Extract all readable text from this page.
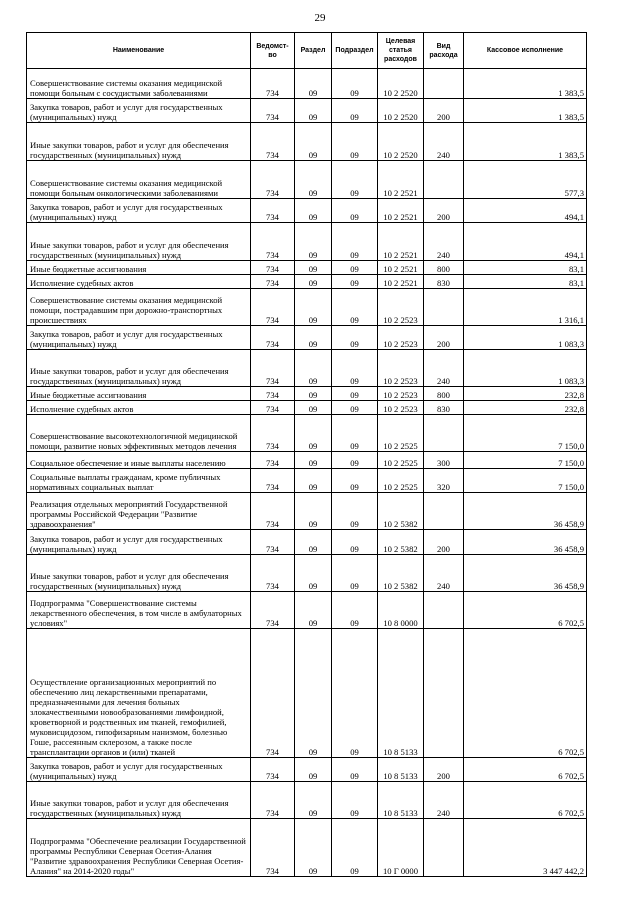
29
Наименование	Ведомст-во	Раздел	Подраздел	Целевая статья расходов	Вид расхода	Кассовое исполнение
Совершенствование системы оказания медицинской помощи больным с сосудистыми заболеваниями	734	09	09	10 2 2520		1 383,5
Закупка товаров, работ и услуг для государственных (муниципальных) нужд	734	09	09	10 2 2520	200	1 383,5
Иные закупки товаров, работ и услуг для обеспечения государственных (муниципальных) нужд	734	09	09	10 2 2520	240	1 383,5
Совершенствование системы оказания медицинской помощи больным онкологическими заболеваниями	734	09	09	10 2 2521		577,3
Закупка товаров, работ и услуг для государственных (муниципальных) нужд	734	09	09	10 2 2521	200	494,1
Иные закупки товаров, работ и услуг для обеспечения государственных (муниципальных) нужд	734	09	09	10 2 2521	240	494,1
Иные бюджетные ассигнования	734	09	09	10 2 2521	800	83,1
Исполнение судебных актов	734	09	09	10 2 2521	830	83,1
Совершенствование системы оказания медицинской помощи, пострадавшим при дорожно-транспортных происшествиях	734	09	09	10 2 2523		1 316,1
Закупка товаров, работ и услуг для государственных (муниципальных) нужд	734	09	09	10 2 2523	200	1 083,3
Иные закупки товаров, работ и услуг для обеспечения государственных (муниципальных) нужд	734	09	09	10 2 2523	240	1 083,3
Иные бюджетные ассигнования	734	09	09	10 2 2523	800	232,8
Исполнение судебных актов	734	09	09	10 2 2523	830	232,8
Совершенствование высокотехнологичной медицинской помощи, развитие новых эффективных методов лечения	734	09	09	10 2 2525		7 150,0
Социальное обеспечение и иные выплаты населению	734	09	09	10 2 2525	300	7 150,0
Социальные выплаты гражданам, кроме публичных нормативных социальных выплат	734	09	09	10 2 2525	320	7 150,0
Реализация отдельных мероприятий Государственной программы Российской Федерации "Развитие здравоохранения"	734	09	09	10 2 5382		36 458,9
Закупка товаров, работ и услуг для государственных (муниципальных) нужд	734	09	09	10 2 5382	200	36 458,9
Иные закупки товаров, работ и услуг для обеспечения государственных (муниципальных) нужд	734	09	09	10 2 5382	240	36 458,9
Подпрограмма "Совершенствование системы лекарственного обеспечения, в том числе в амбулаторных условиях"	734	09	09	10 8 0000		6 702,5
Осуществление организационных мероприятий по обеспечению лиц лекарственными препаратами, предназначенными для лечения больных злокачественными новообразованиями лимфоидной, кроветворной и родственных им тканей, гемофилией, муковисцидозом, гипофизарным нанизмом, болезнью Гоше, рассеянным склерозом, а также после трансплантации органов и (или) тканей	734	09	09	10 8 5133		6 702,5
Закупка товаров, работ и услуг для государственных (муниципальных) нужд	734	09	09	10 8 5133	200	6 702,5
Иные закупки товаров, работ и услуг для обеспечения государственных (муниципальных) нужд	734	09	09	10 8 5133	240	6 702,5
Подпрограмма "Обеспечение реализации Государственной программы Республики Северная Осетия-Алания "Развитие здравоохранения Республики Северная Осетия-Алания" на 2014-2020 годы"	734	09	09	10 Г 0000		3 447 442,2
